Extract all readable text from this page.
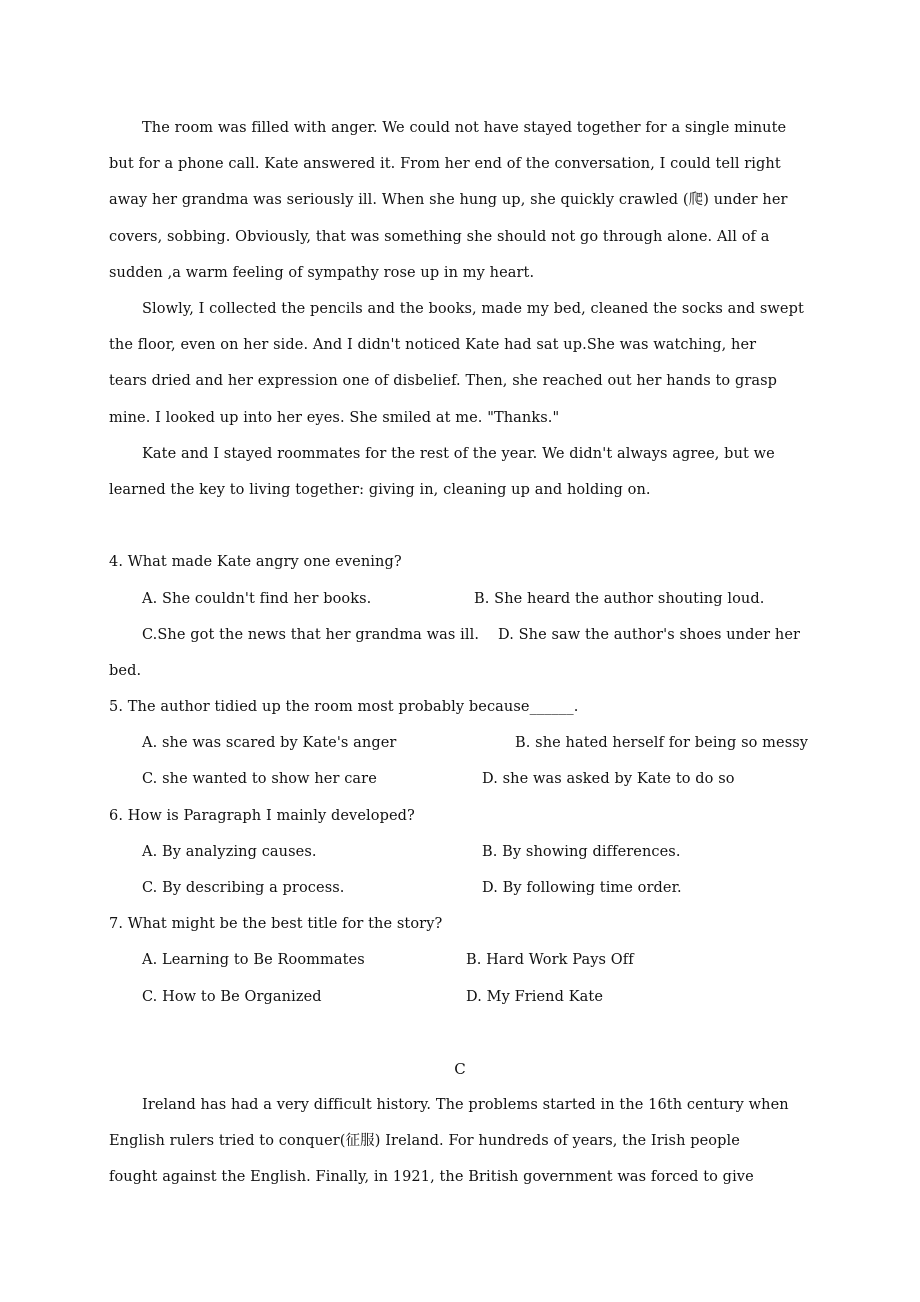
The room was filled with anger. We could not have stayed together for a single minute
but for a phone call. Kate answered it. From her end of the conversation, I could tell right
away her grandma was seriously ill. When she hung up, she quickly crawled (爬) under her
covers, sobbing. Obviously, that was something she should not go through alone. All of a
sudden ,a warm feeling of sympathy rose up in my heart.
Slowly, I collected the pencils and the books, made my bed, cleaned the socks and swept
the floor, even on her side. And I didn't noticed Kate had sat up.She was watching, her
tears dried and her expression one of disbelief. Then, she reached out her hands to grasp
mine. I looked up into her eyes. She smiled at me. "Thanks."
Kate and I stayed roommates for the rest of the year. We didn't always agree, but we
learned the key to living together: giving in, cleaning up and holding on.
4. What made Kate angry one evening?
A. She couldn't find her books.	B. She heard the author shouting loud.
C.She got the news that her grandma was ill. D. She saw the author's shoes under her
bed.
5. The author tidied up the room most probably because______.
A. she was scared by Kate's anger	B. she hated herself for being so messy
C. she wanted to show her care	D. she was asked by Kate to do so
6. How is Paragraph I mainly developed?
A. By analyzing causes.	B. By showing differences.
C. By describing a process.	D. By following time order.
7. What might be the best title for the story?
A. Learning to Be Roommates	B. Hard Work Pays Off
C. How to Be Organized	D. My Friend Kate
C
Ireland has had a very difficult history. The problems started in the 16th century when
English rulers tried to conquer(征服) Ireland. For hundreds of years, the Irish people
fought against the English. Finally, in 1921, the British government was forced to give
